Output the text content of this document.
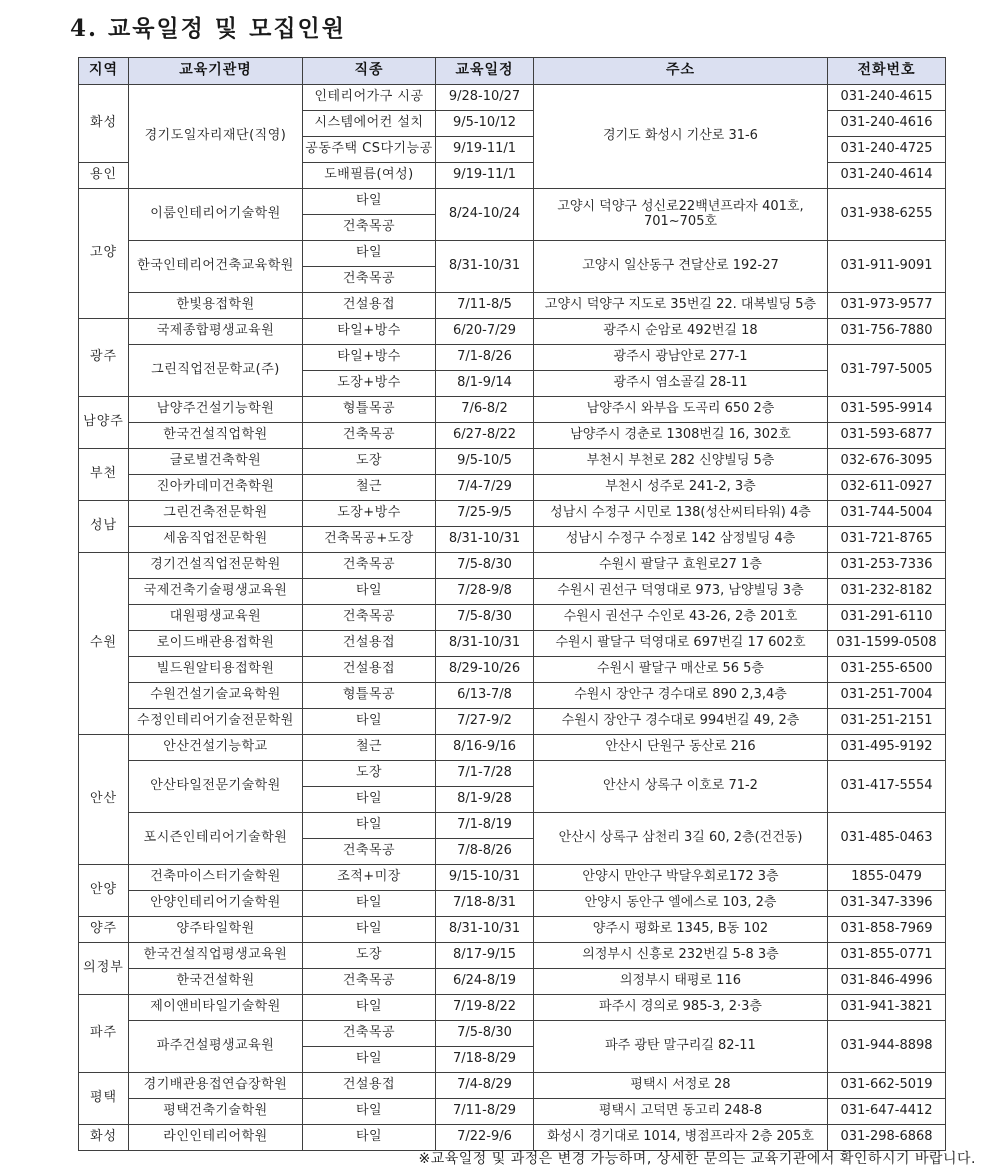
4. 교육일정 및 모집인원
지역	교육기관명	직종	교육일정	주소	전화번호
화성	경기도일자리재단(직영)	인테리어가구 시공	9/28-10/27	경기도 화성시 기산로 31-6	031-240-4615
		시스템에어컨 설치	9/5-10/12		031-240-4616
		공동주택 CS다기능공	9/19-11/1		031-240-4725
용인		도배필름(여성)	9/19-11/1		031-240-4614
고양	이룸인테리어기술학원	타일	8/24-10/24	고양시 덕양구 성신로22백년프라자 401호, 701~705호	031-938-6255
		건축목공			
	한국인테리어건축교육학원	타일	8/31-10/31	고양시 일산동구 견달산로 192-27	031-911-9091
		건축목공			
	한빛용접학원	건설용접	7/11-8/5	고양시 덕양구 지도로 35번길 22. 대복빌딩 5층	031-973-9577
광주	국제종합평생교육원	타일+방수	6/20-7/29	광주시 순암로 492번길 18	031-756-7880
	그린직업전문학교(주)	타일+방수	7/1-8/26	광주시 광남안로 277-1	031-797-5005
		도장+방수	8/1-9/14	광주시 염소골길 28-11	
남양주	남양주건설기능학원	형틀목공	7/6-8/2	남양주시 와부읍 도곡리 650 2층	031-595-9914
	한국건설직업학원	건축목공	6/27-8/22	남양주시 경춘로 1308번길 16, 302호	031-593-6877
부천	글로벌건축학원	도장	9/5-10/5	부천시 부천로 282 신양빌딩 5층	032-676-3095
	진아카데미건축학원	철근	7/4-7/29	부천시 성주로 241-2, 3층	032-611-0927
성남	그린건축전문학원	도장+방수	7/25-9/5	성남시 수정구 시민로 138(성산씨티타워) 4층	031-744-5004
	세움직업전문학원	건축목공+도장	8/31-10/31	성남시 수정구 수정로 142 삼정빌딩 4층	031-721-8765
수원	경기건설직업전문학원	건축목공	7/5-8/30	수원시 팔달구 효원로27 1층	031-253-7336
	국제건축기술평생교육원	타일	7/28-9/8	수원시 권선구 덕영대로 973, 남양빌딩 3층	031-232-8182
	대원평생교육원	건축목공	7/5-8/30	수원시 권선구 수인로 43-26, 2층 201호	031-291-6110
	로이드배관용접학원	건설용접	8/31-10/31	수원시 팔달구 덕영대로 697번길 17 602호	031-1599-0508
	빌드원알티용접학원	건설용접	8/29-10/26	수원시 팔달구 매산로 56 5층	031-255-6500
	수원건설기술교육학원	형틀목공	6/13-7/8	수원시 장안구 경수대로 890 2,3,4층	031-251-7004
	수정인테리어기술전문학원	타일	7/27-9/2	수원시 장안구 경수대로 994번길 49, 2층	031-251-2151
안산	안산건설기능학교	철근	8/16-9/16	안산시 단원구 동산로 216	031-495-9192
	안산타일전문기술학원	도장	7/1-7/28	안산시 상록구 이호로 71-2	031-417-5554
		타일	8/1-9/28		
	포시즌인테리어기술학원	타일	7/1-8/19	안산시 상록구 삼천리 3길 60, 2층(건건동)	031-485-0463
		건축목공	7/8-8/26		
안양	건축마이스터기술학원	조적+미장	9/15-10/31	안양시 만안구 박달우회로172 3층	1855-0479
	안양인테리어기술학원	타일	7/18-8/31	안양시 동안구 엘에스로 103, 2층	031-347-3396
양주	양주타일학원	타일	8/31-10/31	양주시 평화로 1345, B동 102	031-858-7969
의정부	한국건설직업평생교육원	도장	8/17-9/15	의정부시 신흥로 232번길 5-8 3층	031-855-0771
	한국건설학원	건축목공	6/24-8/19	의정부시 태평로 116	031-846-4996
파주	제이앤비타일기술학원	타일	7/19-8/22	파주시 경의로 985-3, 2·3층	031-941-3821
	파주건설평생교육원	건축목공	7/5-8/30	파주 광탄 말구리길 82-11	031-944-8898
		타일	7/18-8/29		
평택	경기배관용접연습장학원	건설용접	7/4-8/29	평택시 서정로 28	031-662-5019
	평택건축기술학원	타일	7/11-8/29	평택시 고덕면 동고리 248-8	031-647-4412
화성	라인인테리어학원	타일	7/22-9/6	화성시 경기대로 1014, 병점프라자 2층 205호	031-298-6868
※교육일정 및 과정은 변경 가능하며, 상세한 문의는 교육기관에서 확인하시기 바랍니다.
